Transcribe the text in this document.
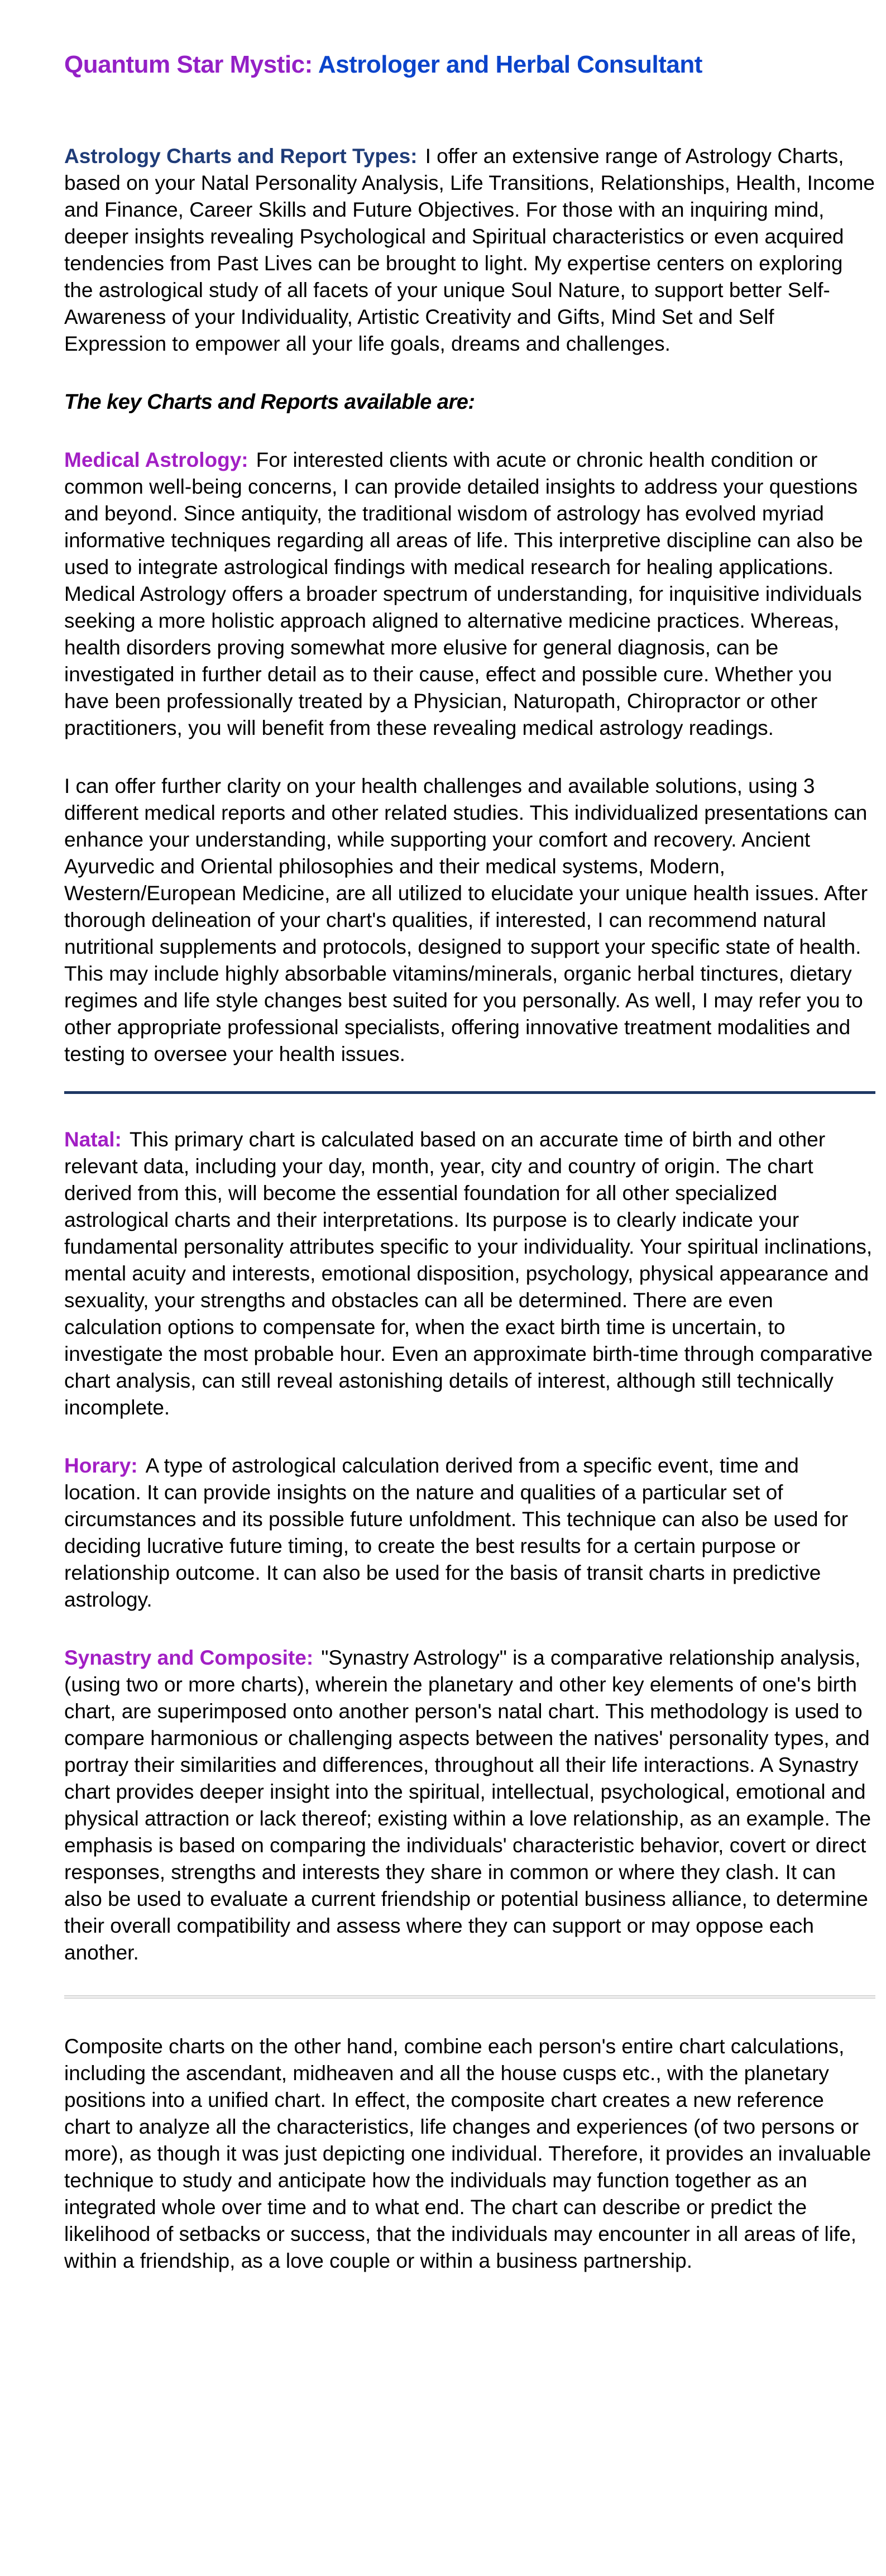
Quantum Star Mystic: Astrologer and Herbal Consultant

Astrology Charts and Report Types: I offer an extensive range of Astrology Charts, based on your Natal Personality Analysis, Life Transitions, Relationships, Health, Income and Finance, Career Skills and Future Objectives. For those with an inquiring mind, deeper insights revealing Psychological and Spiritual characteristics or even acquired tendencies from Past Lives can be brought to light. My expertise centers on exploring the astrological study of all facets of your unique Soul Nature, to support better Self-Awareness of your Individuality, Artistic Creativity and Gifts, Mind Set and Self Expression to empower all your life goals, dreams and challenges.

The key Charts and Reports available are:

Medical Astrology: For interested clients with acute or chronic health condition or common well-being concerns, I can provide detailed insights to address your questions and beyond. Since antiquity, the traditional wisdom of astrology has evolved myriad informative techniques regarding all areas of life. This interpretive discipline can also be used to integrate astrological findings with medical research for healing applications. Medical Astrology offers a broader spectrum of understanding, for inquisitive individuals seeking a more holistic approach aligned to alternative medicine practices. Whereas, health disorders proving somewhat more elusive for general diagnosis, can be investigated in further detail as to their cause, effect and possible cure. Whether you have been professionally treated by a Physician, Naturopath, Chiropractor or other practitioners, you will benefit from these revealing medical astrology readings.

I can offer further clarity on your health challenges and available solutions, using 3 different medical reports and other related studies. This individualized presentations can enhance your understanding, while supporting your comfort and recovery. Ancient Ayurvedic and Oriental philosophies and their medical systems, Modern, Western/European Medicine, are all utilized to elucidate your unique health issues. After thorough delineation of your chart's qualities, if interested, I can recommend natural nutritional supplements and protocols, designed to support your specific state of health. This may include highly absorbable vitamins/minerals, organic herbal tinctures, dietary regimes and life style changes best suited for you personally. As well, I may refer you to other appropriate professional specialists, offering innovative treatment modalities and testing to oversee your health issues.

Natal: This primary chart is calculated based on an accurate time of birth and other relevant data, including your day, month, year, city and country of origin. The chart derived from this, will become the essential foundation for all other specialized astrological charts and their interpretations. Its purpose is to clearly indicate your fundamental personality attributes specific to your individuality. Your spiritual inclinations, mental acuity and interests, emotional disposition, psychology, physical appearance and sexuality, your strengths and obstacles can all be determined. There are even calculation options to compensate for, when the exact birth time is uncertain, to investigate the most probable hour. Even an approximate birth-time through comparative chart analysis, can still reveal astonishing details of interest, although still technically incomplete.

Horary: A type of astrological calculation derived from a specific event, time and location. It can provide insights on the nature and qualities of a particular set of circumstances and its possible future unfoldment. This technique can also be used for deciding lucrative future timing, to create the best results for a certain purpose or relationship outcome. It can also be used for the basis of transit charts in predictive astrology.

Synastry and Composite: "Synastry Astrology" is a comparative relationship analysis, (using two or more charts), wherein the planetary and other key elements of one's birth chart, are superimposed onto another person's natal chart. This methodology is used to compare harmonious or challenging aspects between the natives' personality types, and portray their similarities and differences, throughout all their life interactions. A Synastry chart provides deeper insight into the spiritual, intellectual, psychological, emotional and physical attraction or lack thereof; existing within a love relationship, as an example. The emphasis is based on comparing the individuals' characteristic behavior, covert or direct responses, strengths and interests they share in common or where they clash. It can also be used to evaluate a current friendship or potential business alliance, to determine their overall compatibility and assess where they can support or may oppose each another.

Composite charts on the other hand, combine each person's entire chart calculations, including the ascendant, midheaven and all the house cusps etc., with the planetary positions into a unified chart. In effect, the composite chart creates a new reference chart to analyze all the characteristics, life changes and experiences (of two persons or more), as though it was just depicting one individual. Therefore, it provides an invaluable technique to study and anticipate how the individuals may function together as an integrated whole over time and to what end. The chart can describe or predict the likelihood of setbacks or success, that the individuals may encounter in all areas of life, within a friendship, as a love couple or within a business partnership.
